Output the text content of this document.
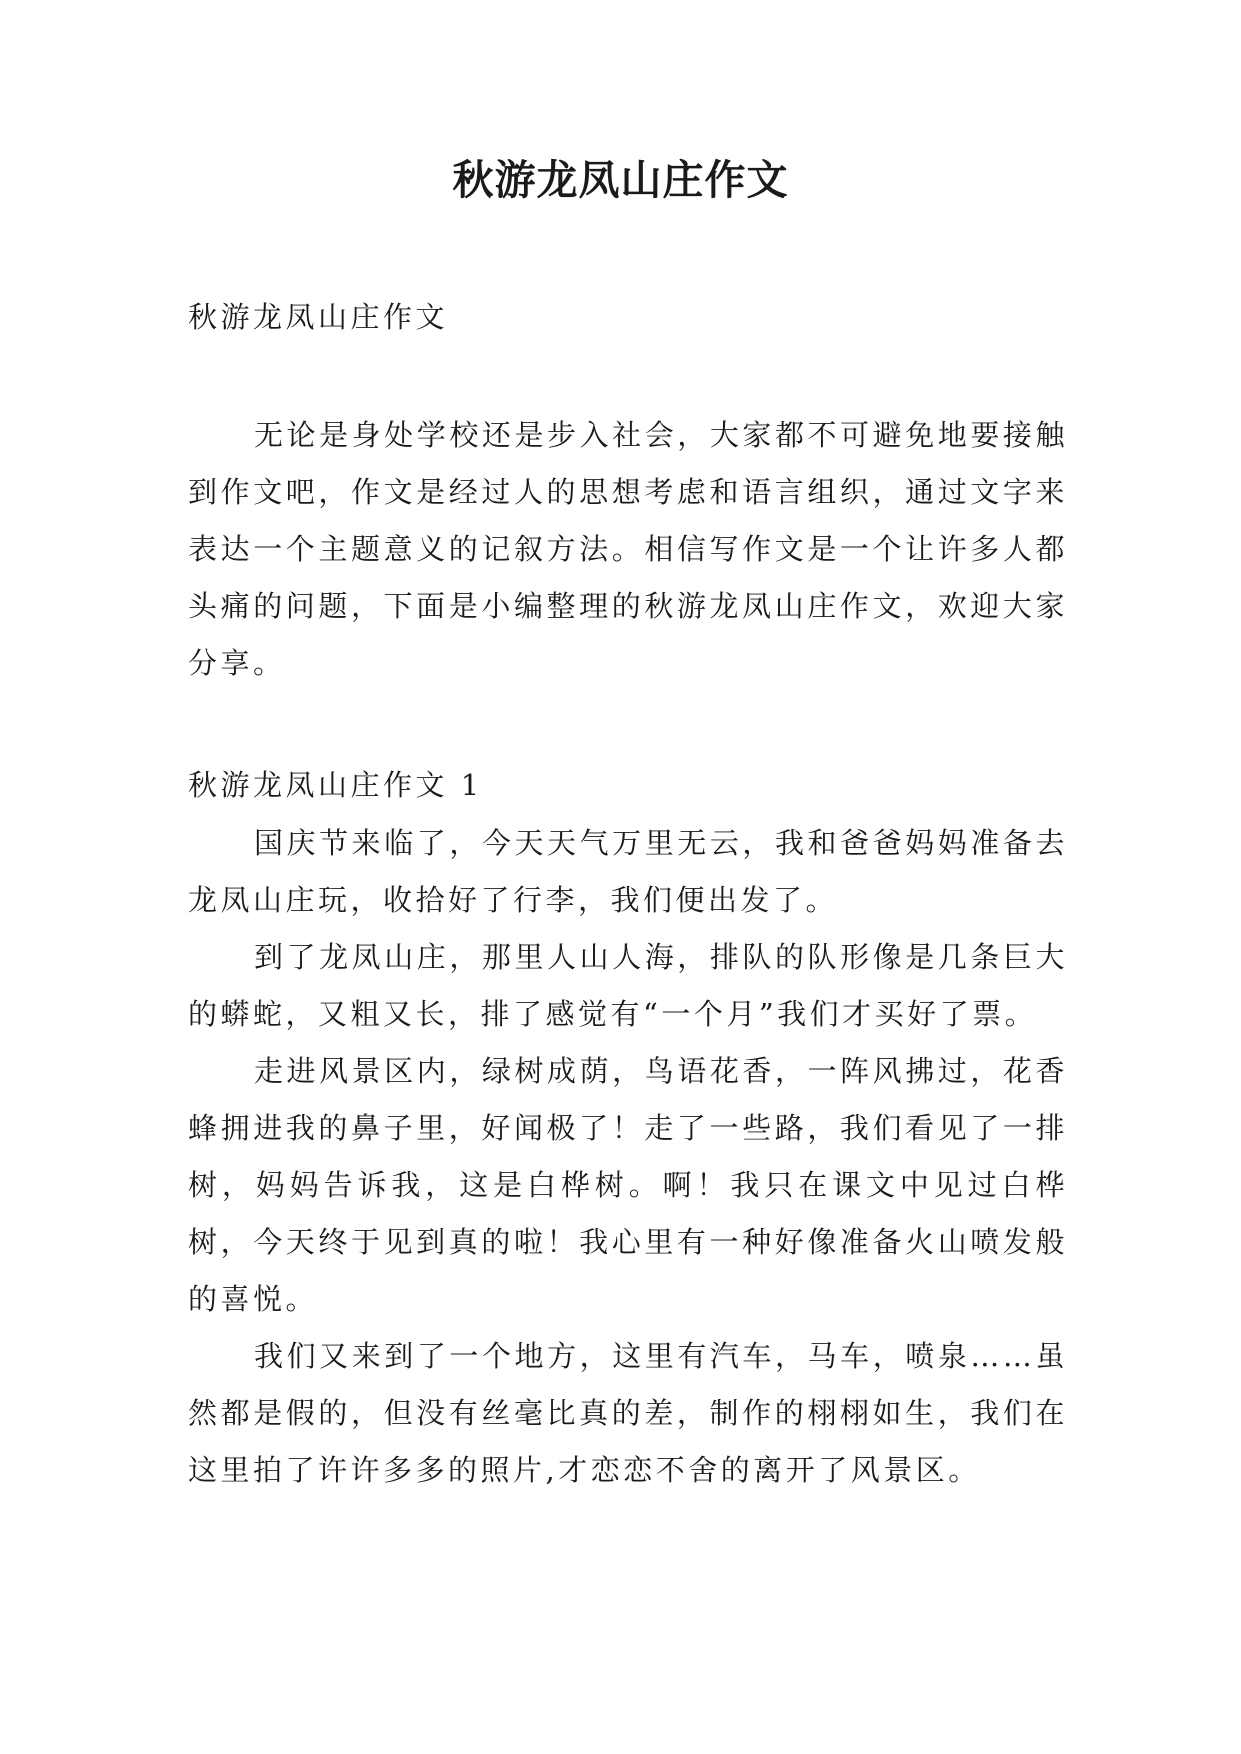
秋游龙凤山庄作文

秋游龙凤山庄作文

无论是身处学校还是步入社会，大家都不可避免地要接触到作文吧，作文是经过人的思想考虑和语言组织，通过文字来表达一个主题意义的记叙方法。相信写作文是一个让许多人都头痛的问题，下面是小编整理的秋游龙凤山庄作文，欢迎大家分享。

秋游龙凤山庄作文 1

国庆节来临了，今天天气万里无云，我和爸爸妈妈准备去龙凤山庄玩，收拾好了行李，我们便出发了。

到了龙凤山庄，那里人山人海，排队的队形像是几条巨大的蟒蛇，又粗又长，排了感觉有“一个月”我们才买好了票。

走进风景区内，绿树成荫，鸟语花香，一阵风拂过，花香蜂拥进我的鼻子里，好闻极了！走了一些路，我们看见了一排树，妈妈告诉我，这是白桦树。啊！我只在课文中见过白桦树，今天终于见到真的啦！我心里有一种好像准备火山喷发般的喜悦。

我们又来到了一个地方，这里有汽车，马车，喷泉……虽然都是假的，但没有丝毫比真的差，制作的栩栩如生，我们在这里拍了许许多多的照片,才恋恋不舍的离开了风景区。
